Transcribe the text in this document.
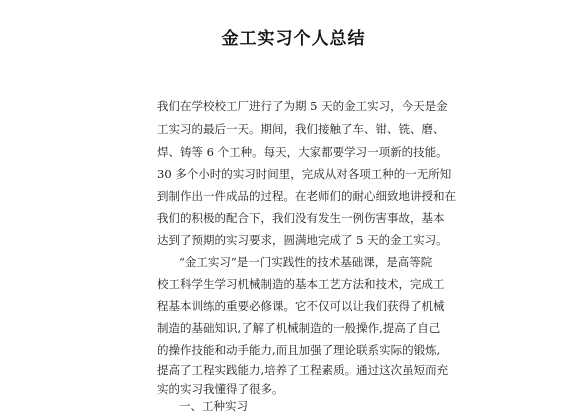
金工实习个人总结

我们在学校校工厂进行了为期 5 天的金工实习，今天是金

工实习的最后一天。期间，我们接触了车、钳、铣、磨、

焊、铸等 6 个工种。每天，大家都要学习一项新的技能。

30 多个小时的实习时间里，完成从对各项工种的一无所知

到制作出一件成品的过程。在老师们的耐心细致地讲授和在

我们的积极的配合下，我们没有发生一例伤害事故，基本

达到了预期的实习要求，圆满地完成了 5 天的金工实习。

“金工实习”是一门实践性的技术基础课，是高等院

校工科学生学习机械制造的基本工艺方法和技术，完成工

程基本训练的重要必修课。它不仅可以让我们获得了机械

制造的基础知识,了解了机械制造的一般操作,提高了自己

的操作技能和动手能力,而且加强了理论联系实际的锻炼,

提高了工程实践能力,培养了工程素质。通过这次虽短而充

实的实习我懂得了很多。

一、工种实习
